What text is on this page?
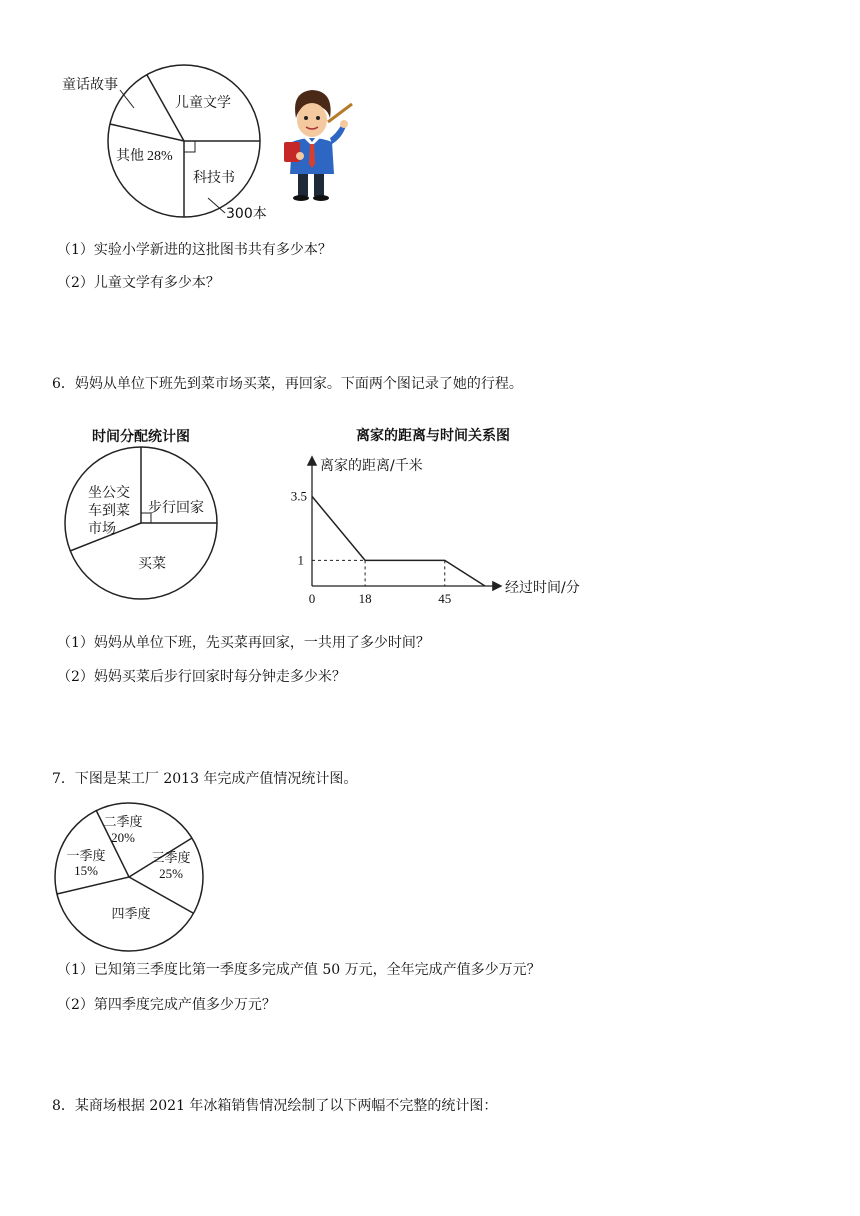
童话故事
儿童文学
其他 28%
科技书
300本
（1）实验小学新进的这批图书共有多少本？
（2）儿童文学有多少本？
6．妈妈从单位下班先到菜市场买菜，再回家。下面两个图记录了她的行程。
时间分配统计图
坐公交
车到菜
市场
步行回家
买菜
离家的距离与时间关系图
离家的距离/千米
经过时间/分
3.5
1
0	18	45
（1）妈妈从单位下班，先买菜再回家，一共用了多少时间？
（2）妈妈买菜后步行回家时每分钟走多少米？
7．下图是某工厂 2013 年完成产值情况统计图。
二季度
20%
一季度
15%
三季度
25%
四季度
（1）已知第三季度比第一季度多完成产值 50 万元，全年完成产值多少万元？
（2）第四季度完成产值多少万元？
8．某商场根据 2021 年冰箱销售情况绘制了以下两幅不完整的统计图：
